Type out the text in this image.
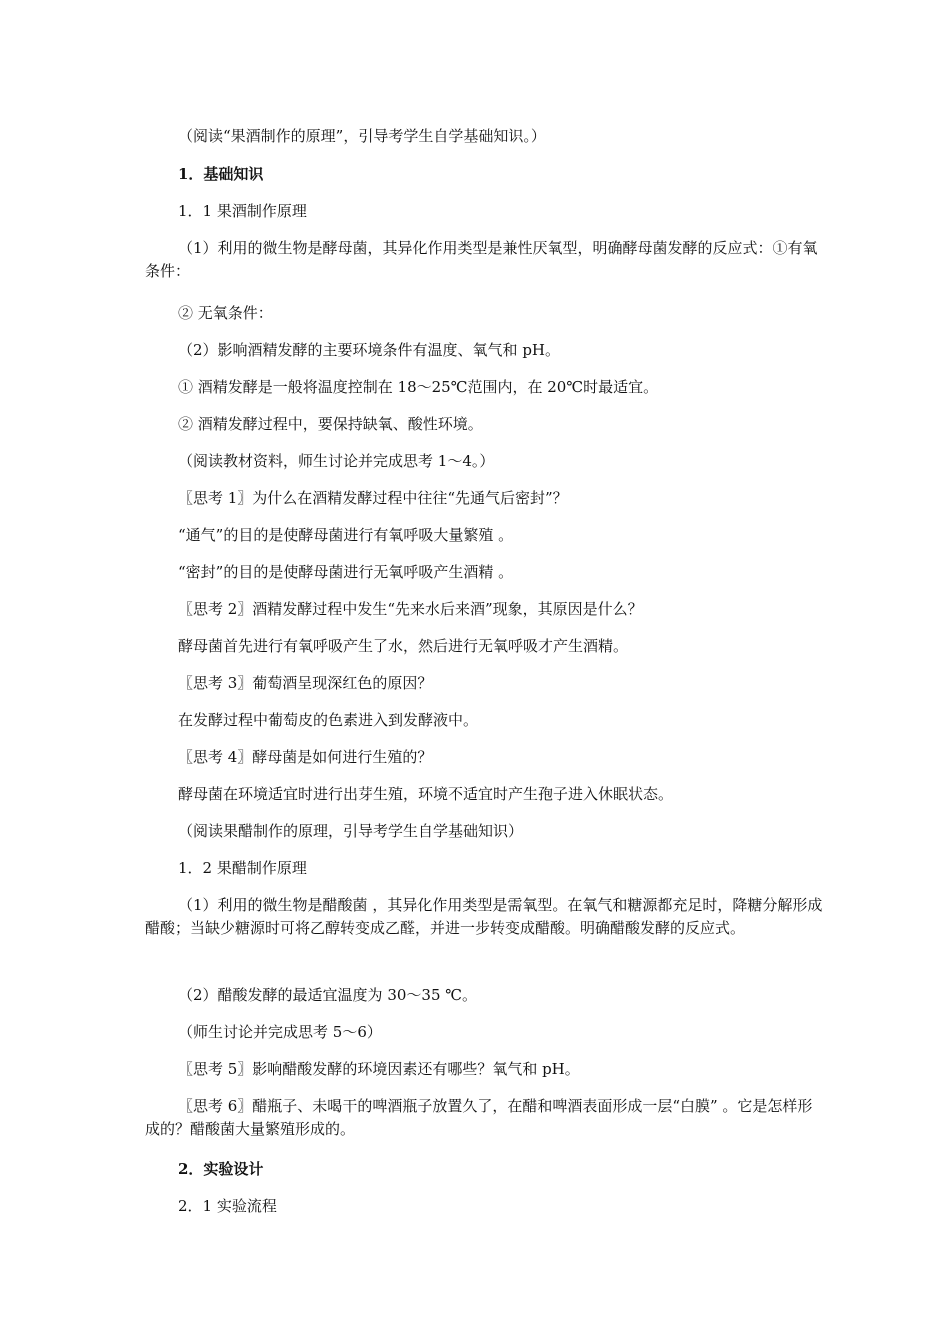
（阅读“果酒制作的原理”，引导考学生自学基础知识。）
1．基础知识
1．1 果酒制作原理
（1）利用的微生物是酵母菌，其异化作用类型是兼性厌氧型，明确酵母菌发酵的反应式：①有氧条件：
② 无氧条件：
（2）影响酒精发酵的主要环境条件有温度、氧气和 pH。
① 酒精发酵是一般将温度控制在 18～25℃范围内，在 20℃时最适宜。
② 酒精发酵过程中，要保持缺氧、酸性环境。
（阅读教材资料，师生讨论并完成思考 1～4。）
〖思考 1〗为什么在酒精发酵过程中往往“先通气后密封”？
“通气”的目的是使酵母菌进行有氧呼吸大量繁殖 。
“密封”的目的是使酵母菌进行无氧呼吸产生酒精 。
〖思考 2〗酒精发酵过程中发生“先来水后来酒”现象，其原因是什么？
酵母菌首先进行有氧呼吸产生了水，然后进行无氧呼吸才产生酒精。
〖思考 3〗葡萄酒呈现深红色的原因？
在发酵过程中葡萄皮的色素进入到发酵液中。
〖思考 4〗酵母菌是如何进行生殖的？
酵母菌在环境适宜时进行出芽生殖，环境不适宜时产生孢子进入休眠状态。
（阅读果醋制作的原理，引导考学生自学基础知识）
1．2 果醋制作原理
（1）利用的微生物是醋酸菌 ，其异化作用类型是需氧型。在氧气和糖源都充足时，降糖分解形成醋酸；当缺少糖源时可将乙醇转变成乙醛，并进一步转变成醋酸。明确醋酸发酵的反应式。
（2）醋酸发酵的最适宜温度为 30～35 ℃。
（师生讨论并完成思考 5～6）
〖思考 5〗影响醋酸发酵的环境因素还有哪些？氧气和 pH。
〖思考 6〗醋瓶子、未喝干的啤酒瓶子放置久了，在醋和啤酒表面形成一层“白膜” 。它是怎样形成的？醋酸菌大量繁殖形成的。
2．实验设计
2．1 实验流程
